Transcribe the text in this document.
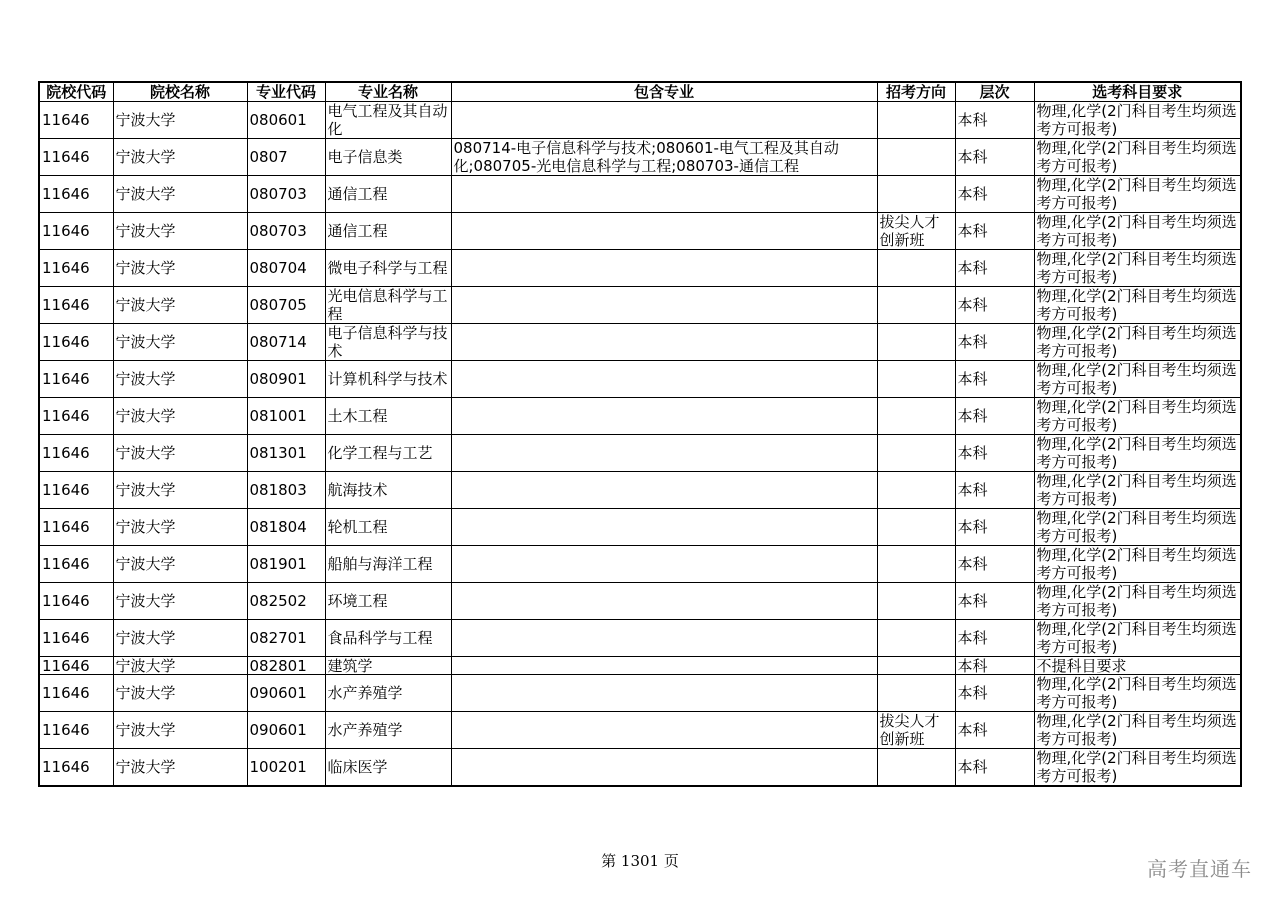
院校代码	院校名称	专业代码	专业名称	包含专业	招考方向	层次	选考科目要求
11646	宁波大学	080601	电气工程及其自动化			本科	物理,化学(2门科目考生均须选考方可报考)
11646	宁波大学	0807	电子信息类	080714-电子信息科学与技术;080601-电气工程及其自动化;080705-光电信息科学与工程;080703-通信工程		本科	物理,化学(2门科目考生均须选考方可报考)
11646	宁波大学	080703	通信工程			本科	物理,化学(2门科目考生均须选考方可报考)
11646	宁波大学	080703	通信工程		拔尖人才创新班	本科	物理,化学(2门科目考生均须选考方可报考)
11646	宁波大学	080704	微电子科学与工程			本科	物理,化学(2门科目考生均须选考方可报考)
11646	宁波大学	080705	光电信息科学与工程			本科	物理,化学(2门科目考生均须选考方可报考)
11646	宁波大学	080714	电子信息科学与技术			本科	物理,化学(2门科目考生均须选考方可报考)
11646	宁波大学	080901	计算机科学与技术			本科	物理,化学(2门科目考生均须选考方可报考)
11646	宁波大学	081001	土木工程			本科	物理,化学(2门科目考生均须选考方可报考)
11646	宁波大学	081301	化学工程与工艺			本科	物理,化学(2门科目考生均须选考方可报考)
11646	宁波大学	081803	航海技术			本科	物理,化学(2门科目考生均须选考方可报考)
11646	宁波大学	081804	轮机工程			本科	物理,化学(2门科目考生均须选考方可报考)
11646	宁波大学	081901	船舶与海洋工程			本科	物理,化学(2门科目考生均须选考方可报考)
11646	宁波大学	082502	环境工程			本科	物理,化学(2门科目考生均须选考方可报考)
11646	宁波大学	082701	食品科学与工程			本科	物理,化学(2门科目考生均须选考方可报考)
11646	宁波大学	082801	建筑学			本科	不提科目要求
11646	宁波大学	090601	水产养殖学			本科	物理,化学(2门科目考生均须选考方可报考)
11646	宁波大学	090601	水产养殖学		拔尖人才创新班	本科	物理,化学(2门科目考生均须选考方可报考)
11646	宁波大学	100201	临床医学			本科	物理,化学(2门科目考生均须选考方可报考)
第 1301 页	高考直通车
